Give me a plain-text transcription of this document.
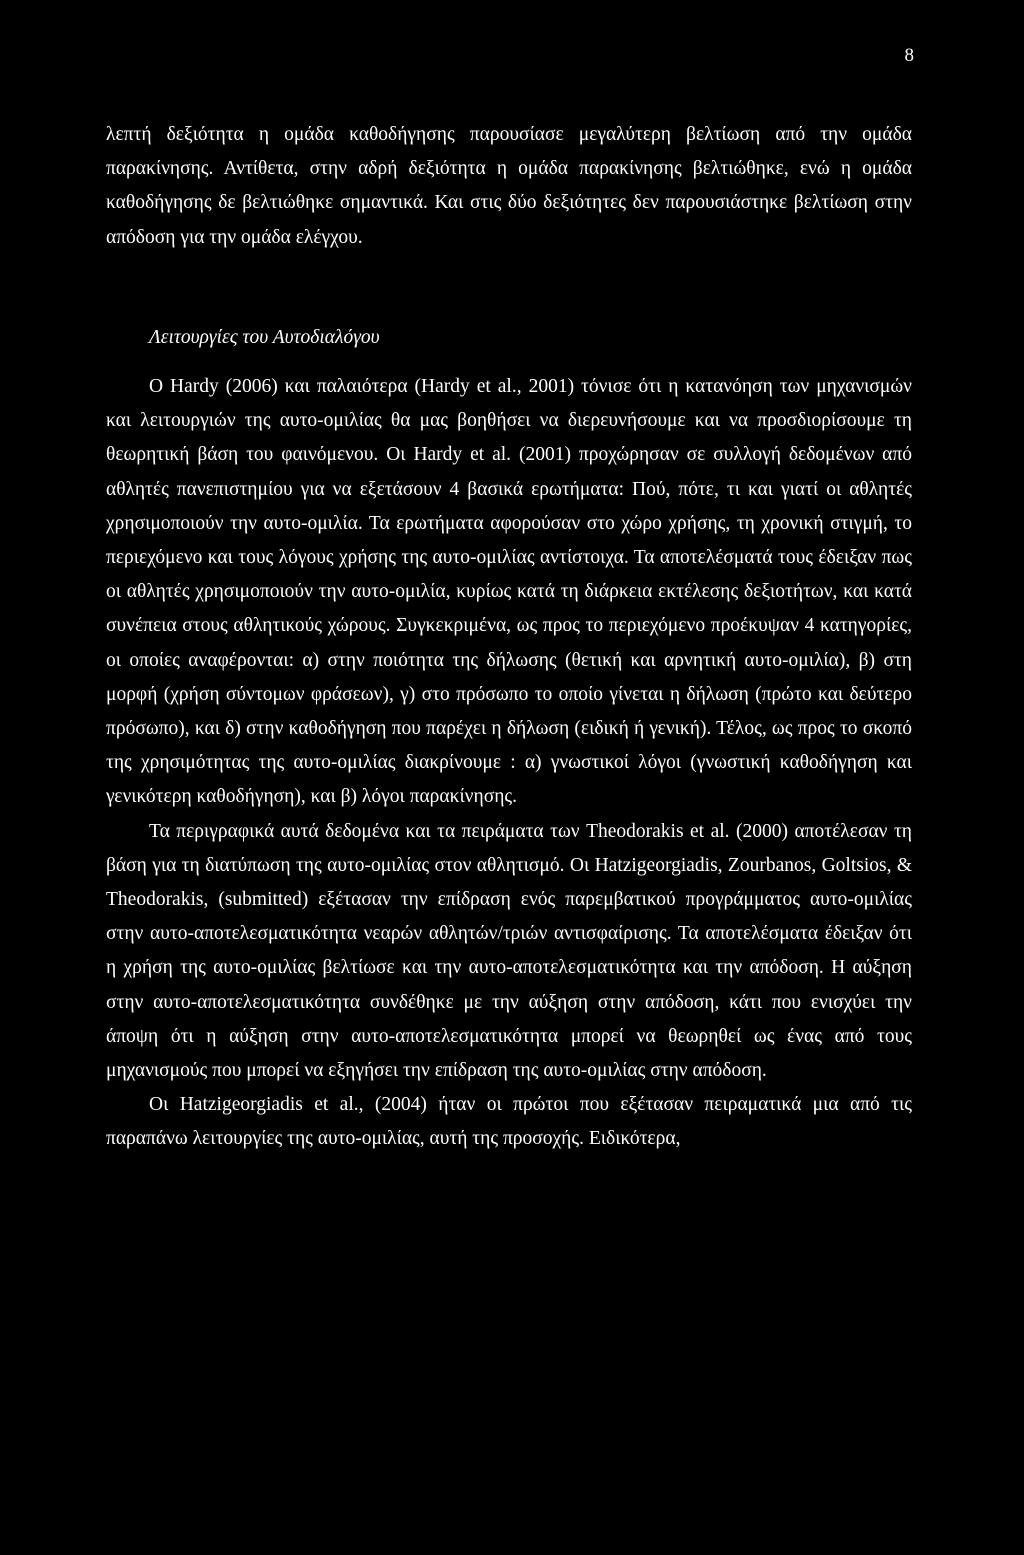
8

λεπτή δεξιότητα η ομάδα καθοδήγησης παρουσίασε μεγαλύτερη βελτίωση από την ομάδα παρακίνησης. Αντίθετα, στην αδρή δεξιότητα η ομάδα παρακίνησης βελτιώθηκε, ενώ η ομάδα καθοδήγησης δε βελτιώθηκε σημαντικά. Και στις δύο δεξιότητες δεν παρουσιάστηκε βελτίωση στην απόδοση για την ομάδα ελέγχου.

Λειτουργίες του Αυτοδιαλόγου

Ο Hardy (2006) και παλαιότερα (Hardy et al., 2001) τόνισε ότι η κατανόηση των μηχανισμών και λειτουργιών της αυτο-ομιλίας θα μας βοηθήσει να διερευνήσουμε και να προσδιορίσουμε τη θεωρητική βάση του φαινόμενου. Οι Hardy et al. (2001) προχώρησαν σε συλλογή δεδομένων από αθλητές πανεπιστημίου για να εξετάσουν 4 βασικά ερωτήματα: Πού, πότε, τι και γιατί οι αθλητές χρησιμοποιούν την αυτο-ομιλία. Τα ερωτήματα αφορούσαν στο χώρο χρήσης, τη χρονική στιγμή, το περιεχόμενο και τους λόγους χρήσης της αυτο-ομιλίας αντίστοιχα. Τα αποτελέσματά τους έδειξαν πως οι αθλητές χρησιμοποιούν την αυτο-ομιλία, κυρίως κατά τη διάρκεια εκτέλεσης δεξιοτήτων, και κατά συνέπεια στους αθλητικούς χώρους. Συγκεκριμένα, ως προς το περιεχόμενο προέκυψαν 4 κατηγορίες, οι οποίες αναφέρονται: α) στην ποιότητα της δήλωσης (θετική και αρνητική αυτο-ομιλία), β) στη μορφή (χρήση σύντομων φράσεων), γ) στο πρόσωπο το οποίο γίνεται η δήλωση (πρώτο και δεύτερο πρόσωπο), και δ) στην καθοδήγηση που παρέχει η δήλωση (ειδική ή γενική). Τέλος, ως προς το σκοπό της χρησιμότητας της αυτο-ομιλίας διακρίνουμε : α) γνωστικοί λόγοι (γνωστική καθοδήγηση και γενικότερη καθοδήγηση), και β) λόγοι παρακίνησης.

Τα περιγραφικά αυτά δεδομένα και τα πειράματα των Theodorakis et al. (2000) αποτέλεσαν τη βάση για τη διατύπωση της αυτο-ομιλίας στον αθλητισμό. Οι Hatzigeorgiadis, Zourbanos, Goltsios, & Theodorakis, (submitted) εξέτασαν την επίδραση ενός παρεμβατικού προγράμματος αυτο-ομιλίας στην αυτο-αποτελεσματικότητα νεαρών αθλητών/τριών αντισφαίρισης. Τα αποτελέσματα έδειξαν ότι η χρήση της αυτο-ομιλίας βελτίωσε και την αυτο-αποτελεσματικότητα και την απόδοση. Η αύξηση στην αυτο-αποτελεσματικότητα συνδέθηκε με την αύξηση στην απόδοση, κάτι που ενισχύει την άποψη ότι η αύξηση στην αυτο-αποτελεσματικότητα μπορεί να θεωρηθεί ως ένας από τους μηχανισμούς που μπορεί να εξηγήσει την επίδραση της αυτο-ομιλίας στην απόδοση.

Οι Hatzigeorgiadis et al., (2004) ήταν οι πρώτοι που εξέτασαν πειραματικά μια από τις παραπάνω λειτουργίες της αυτο-ομιλίας, αυτή της προσοχής. Ειδικότερα,
